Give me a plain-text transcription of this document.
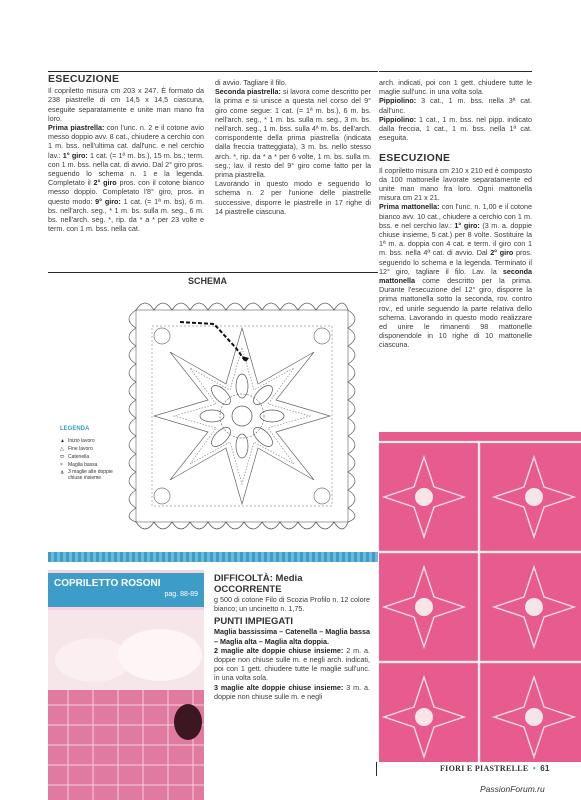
ESECUZIONE

Il copriletto misura cm 203 x 247. È formato da 238 piastrelle di cm 14,5 x 14,5 ciascuna, eseguite separatamente e unite man mano fra loro.

Prima piastrella: con l'unc. n. 2 e il cotone avio messo doppio avv. 8 cat., chiudere a cerchio con 1 m. bss. nell'ultima cat. dall'unc. e nel cerchio lav.: 1° giro: 1 cat. (= 1ª m. bs.), 15 m. bs.; term. con 1 m. bss. nella cat. di avvio. Dal 2° giro pros. seguendo lo schema n. 1 e la legenda. Completato il 2° giro pros. con il cotone bianco messo doppio. Completato l'8° giro, pros. in questo modo: 9° giro: 1 cat. (= 1ª m. bs), 6 m. bs. nell'arch. seg., * 1 m. bs. sulla m. seg., 6 m. bs. nell'arch. seg. *, rip. da * a * per 23 volte e term. con 1 m. bss. nella cat.

di avvio. Tagliare il filo.

Seconda piastrella: si lavora come descritto per la prima e si unisce a questa nel corso del 9° giro come segue: 1 cat. (= 1ª m. bs.), 6 m. bs. nell'arch. seg., * 1 m. bs. sulla m. seg., 3 m. bs. nell'arch. seg., 1 m. bss. sulla 4ª m. bs. dell'arch. corrispondente della prima piastrella (indicata dalla freccia tratteggiata), 3 m. bs. nello stesso arch. *, rip. da * a * per 6 volte, 1 m. bs. sulla m. seg.; lav. il resto del 9° giro come fatto per la prima piastrella.

Lavorando in questo modo e seguendo lo schema n. 2 per l'unione delle piastrelle successive, disporre le piastrelle in 17 righe di 14 piastrelle ciascuna.

arch. indicati, poi con 1 gett. chiudere tutte le maglie sull'unc. in una volta sola.

Pippiolino: 3 cat., 1 m. bss. nella 3ª cat. dall'unc.

Pippiolino: 1 cat., 1 m. bss. nel pipp. indicato dalla freccia, 1 cat., 1 m. bss. nella 1ª cat. eseguita.

ESECUZIONE

Il copriletto misura cm 210 x 210 ed è composto da 100 mattonelle lavorate separatamente ed unite man mano fra loro. Ogni mattonella misura cm 21 x 21.

Prima mattonella: con l'unc. n. 1,00 e il cotone bianco avv. 10 cat., chiudere a cerchio con 1 m. bss. e nel cerchio lav.: 1° giro: (3 m. a. doppie chiuse insieme, 5 cat.) per 8 volte. Sostituire la 1ª m. a. doppia con 4 cat. e term. il giro con 1 m. bss. nella 4ª cat. di avvio. Dal 2° giro pros. seguendo lo schema e la legenda. Terminato il 12° giro, tagliare il filo. Lav. la seconda mattonella come descritto per la prima. Durante l'esecuzione del 12° giro, disporre la prima mattonella sotto la seconda, rov. contro rov., ed unirle seguendo la parte relativa dello schema. Lavorando in questo modo realizzare ed unire le rimanenti 98 mattonelle disponendole in 10 righe di 10 mattonelle ciascuna.

SCHEMA
LEGENDA
▲ Inizio lavoro
△ Fine lavoro
⬭ Catenella
× Maglia bassa
⋔ 3 maglie alte doppie chiuse insieme
COPRILETTO ROSONI
pag. 88-89
DIFFICOLTÀ: Media
OCCORRENTE

g 500 di cotone Filo di Scozia Profilo n. 12 colore bianco; un uncinetto n. 1,75.

PUNTI IMPIEGATI

Maglia bassissima – Catenella – Maglia bassa – Maglia alta – Maglia alta doppia.

2 maglie alte doppie chiuse insieme: 2 m. a. doppie non chiuse sulle m. e negli arch. indicati, poi con 1 gett. chiudere tutte le maglie sull'unc. in una volta sola.

3 maglie alte doppie chiuse insieme: 3 m. a. doppie non chiuse sulle m. e negli

FIORI E PIASTRELLE • 61
PassionForum.ru
